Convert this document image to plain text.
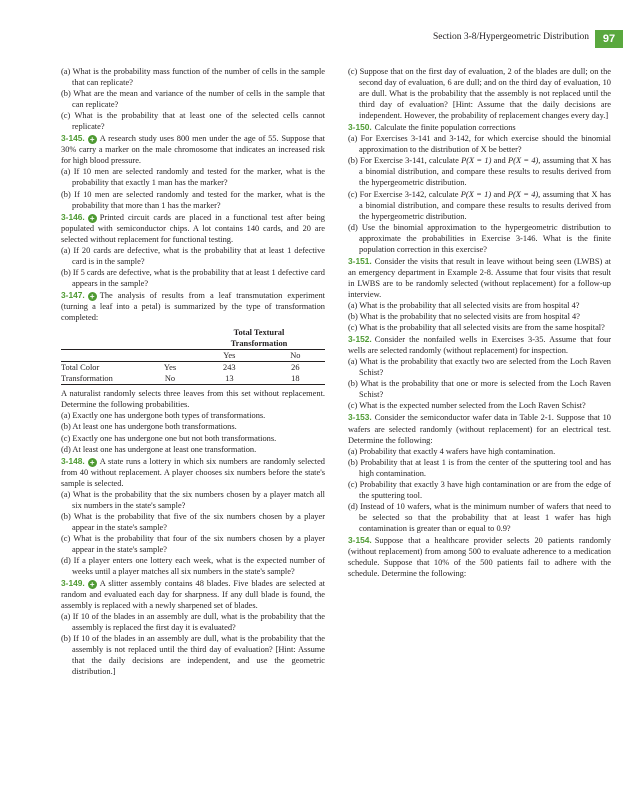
Section 3-8/Hypergeometric Distribution	97

(a) What is the probability mass function of the number of cells in the sample that can replicate?

(b) What are the mean and variance of the number of cells in the sample that can replicate?

(c) What is the probability that at least one of the selected cells cannot replicate?

3-145. + A research study uses 800 men under the age of 55. Suppose that 30% carry a marker on the male chromosome that indicates an increased risk for high blood pressure.

(a) If 10 men are selected randomly and tested for the marker, what is the probability that exactly 1 man has the marker?

(b) If 10 men are selected randomly and tested for the marker, what is the probability that more than 1 has the marker?

3-146. + Printed circuit cards are placed in a functional test after being populated with semiconductor chips. A lot contains 140 cards, and 20 are selected without replacement for functional testing.

(a) If 20 cards are defective, what is the probability that at least 1 defective card is in the sample?

(b) If 5 cards are defective, what is the probability that at least 1 defective card appears in the sample?

3-147. + The analysis of results from a leaf transmutation experiment (turning a leaf into a petal) is summarized by the type of transformation completed:

		Total Textural	
		Transformation	
		Yes	No
Total Color	Yes	243	26
Transformation	No	13	18

A naturalist randomly selects three leaves from this set without replacement. Determine the following probabilities.

(a) Exactly one has undergone both types of transformations.

(b) At least one has undergone both transformations.

(c) Exactly one has undergone one but not both transformations.

(d) At least one has undergone at least one transformation.

3-148. + A state runs a lottery in which six numbers are randomly selected from 40 without replacement. A player chooses six numbers before the state's sample is selected.

(a) What is the probability that the six numbers chosen by a player match all six numbers in the state's sample?

(b) What is the probability that five of the six numbers chosen by a player appear in the state's sample?

(c) What is the probability that four of the six numbers chosen by a player appear in the state's sample?

(d) If a player enters one lottery each week, what is the expected number of weeks until a player matches all six numbers in the state's sample?

3-149. + A slitter assembly contains 48 blades. Five blades are selected at random and evaluated each day for sharpness. If any dull blade is found, the assembly is replaced with a newly sharpened set of blades.

(a) If 10 of the blades in an assembly are dull, what is the probability that the assembly is replaced the first day it is evaluated?

(b) If 10 of the blades in an assembly are dull, what is the probability that the assembly is not replaced until the third day of evaluation? [Hint: Assume that the daily decisions are independent, and use the geometric distribution.]

(c) Suppose that on the first day of evaluation, 2 of the blades are dull; on the second day of evaluation, 6 are dull; and on the third day of evaluation, 10 are dull. What is the probability that the assembly is not replaced until the third day of evaluation? [Hint: Assume that the daily decisions are independent. However, the probability of replacement changes every day.]

3-150. Calculate the finite population corrections

(a) For Exercises 3-141 and 3-142, for which exercise should the binomial approximation to the distribution of X be better?

(b) For Exercise 3-141, calculate P(X = 1) and P(X = 4), assuming that X has a binomial distribution, and compare these results to results derived from the hypergeometric distribution.

(c) For Exercise 3-142, calculate P(X = 1) and P(X = 4), assuming that X has a binomial distribution, and compare these results to results derived from the hypergeometric distribution.

(d) Use the binomial approximation to the hypergeometric distribution to approximate the probabilities in Exercise 3-146. What is the finite population correction in this exercise?

3-151. Consider the visits that result in leave without being seen (LWBS) at an emergency department in Example 2-8. Assume that four visits that result in LWBS are to be randomly selected (without replacement) for a follow-up interview.

(a) What is the probability that all selected visits are from hospital 4?

(b) What is the probability that no selected visits are from hospital 4?

(c) What is the probability that all selected visits are from the same hospital?

3-152. Consider the nonfailed wells in Exercises 3-35. Assume that four wells are selected randomly (without replacement) for inspection.

(a) What is the probability that exactly two are selected from the Loch Raven Schist?

(b) What is the probability that one or more is selected from the Loch Raven Schist?

(c) What is the expected number selected from the Loch Raven Schist?

3-153. Consider the semiconductor wafer data in Table 2-1. Suppose that 10 wafers are selected randomly (without replacement) for an electrical test. Determine the following:

(a) Probability that exactly 4 wafers have high contamination.

(b) Probability that at least 1 is from the center of the sputtering tool and has high contamination.

(c) Probability that exactly 3 have high contamination or are from the edge of the sputtering tool.

(d) Instead of 10 wafers, what is the minimum number of wafers that need to be selected so that the probability that at least 1 wafer has high contamination is greater than or equal to 0.9?

3-154. Suppose that a healthcare provider selects 20 patients randomly (without replacement) from among 500 to evaluate adherence to a medication schedule. Suppose that 10% of the 500 patients fail to adhere with the schedule. Determine the following:
